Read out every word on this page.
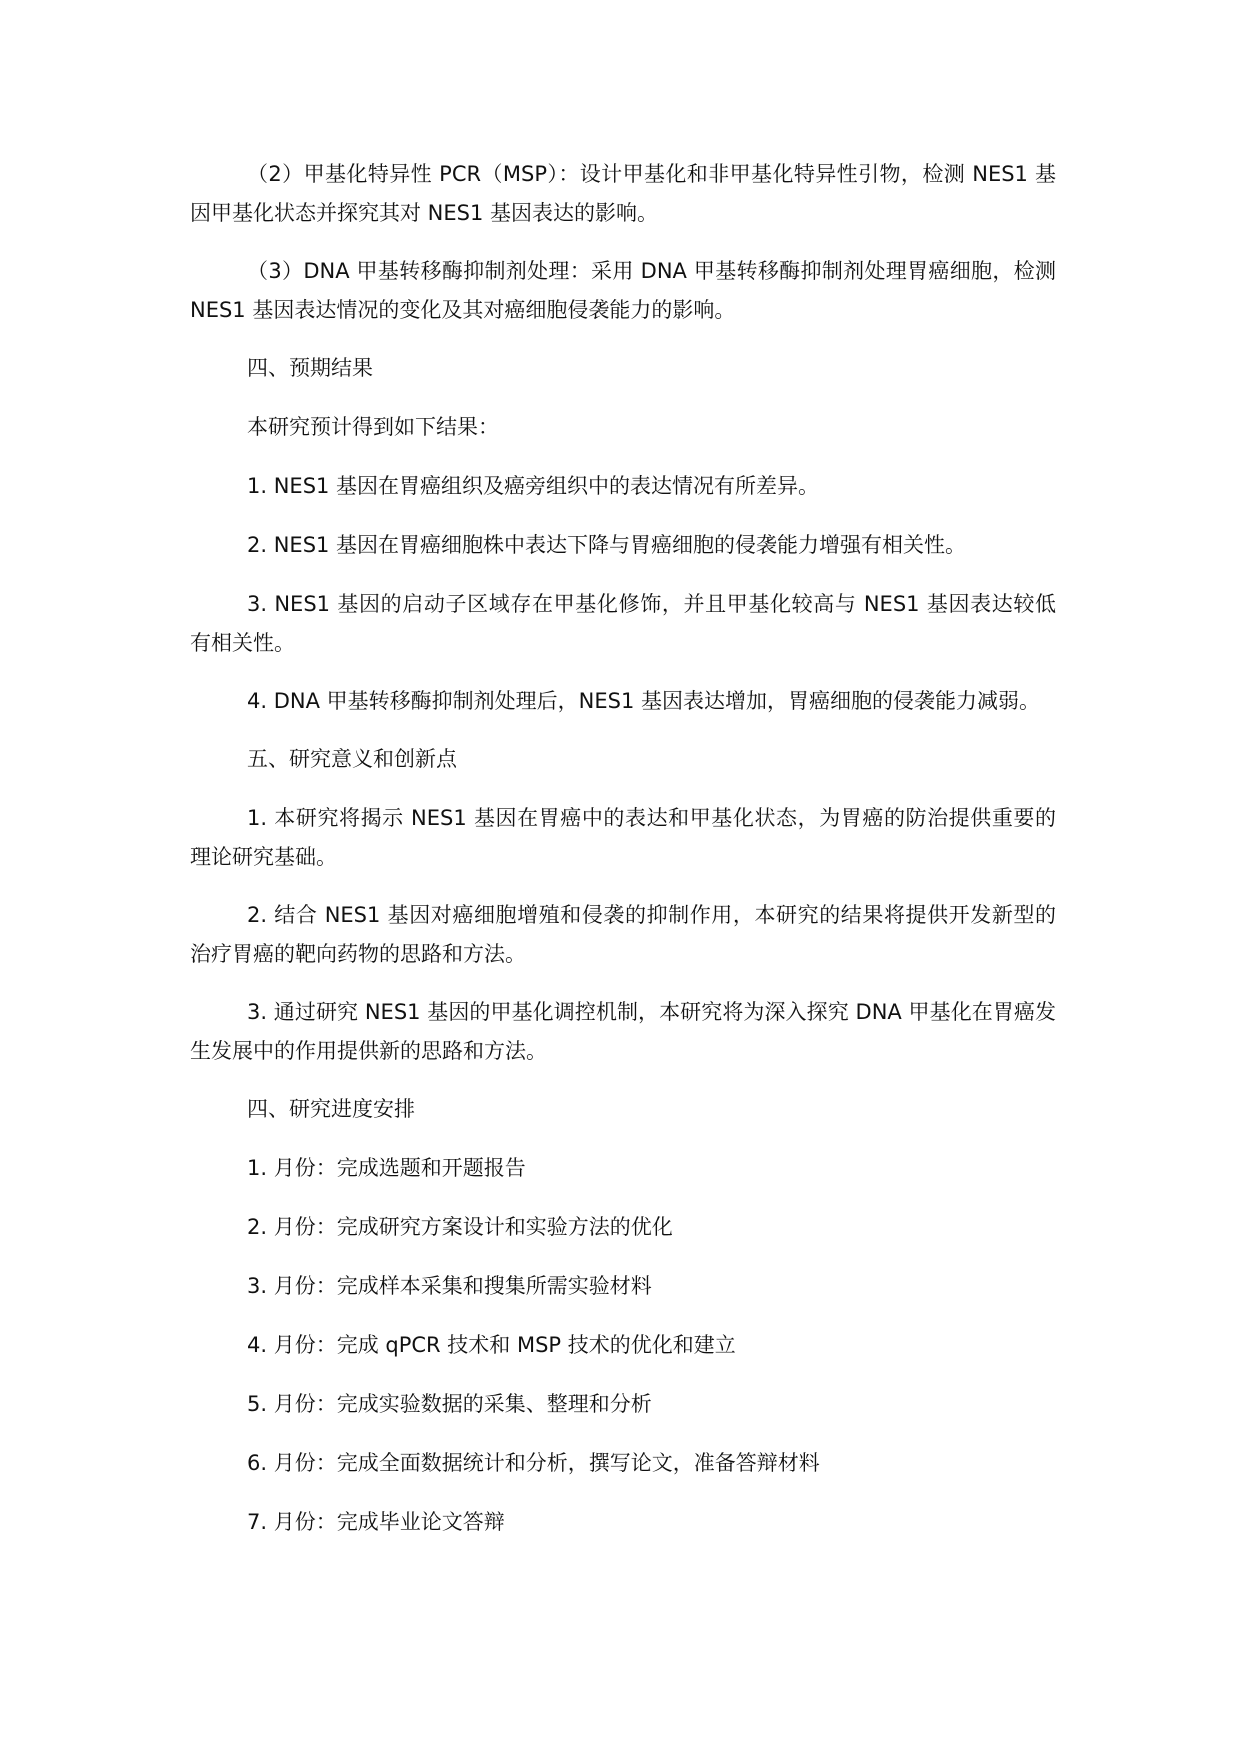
（2）甲基化特异性 PCR（MSP）：设计甲基化和非甲基化特异性引物，检测 NES1 基因甲基化状态并探究其对 NES1 基因表达的影响。

（3）DNA 甲基转移酶抑制剂处理：采用 DNA 甲基转移酶抑制剂处理胃癌细胞，检测 NES1 基因表达情况的变化及其对癌细胞侵袭能力的影响。

四、预期结果

本研究预计得到如下结果：

1. NES1 基因在胃癌组织及癌旁组织中的表达情况有所差异。

2. NES1 基因在胃癌细胞株中表达下降与胃癌细胞的侵袭能力增强有相关性。

3. NES1 基因的启动子区域存在甲基化修饰，并且甲基化较高与 NES1 基因表达较低有相关性。

4. DNA 甲基转移酶抑制剂处理后，NES1 基因表达增加，胃癌细胞的侵袭能力减弱。

五、研究意义和创新点

1. 本研究将揭示 NES1 基因在胃癌中的表达和甲基化状态，为胃癌的防治提供重要的理论研究基础。

2. 结合 NES1 基因对癌细胞增殖和侵袭的抑制作用，本研究的结果将提供开发新型的治疗胃癌的靶向药物的思路和方法。

3. 通过研究 NES1 基因的甲基化调控机制，本研究将为深入探究 DNA 甲基化在胃癌发生发展中的作用提供新的思路和方法。

四、研究进度安排

1. 月份：完成选题和开题报告

2. 月份：完成研究方案设计和实验方法的优化

3. 月份：完成样本采集和搜集所需实验材料

4. 月份：完成 qPCR 技术和 MSP 技术的优化和建立

5. 月份：完成实验数据的采集、整理和分析

6. 月份：完成全面数据统计和分析，撰写论文，准备答辩材料

7. 月份：完成毕业论文答辩
